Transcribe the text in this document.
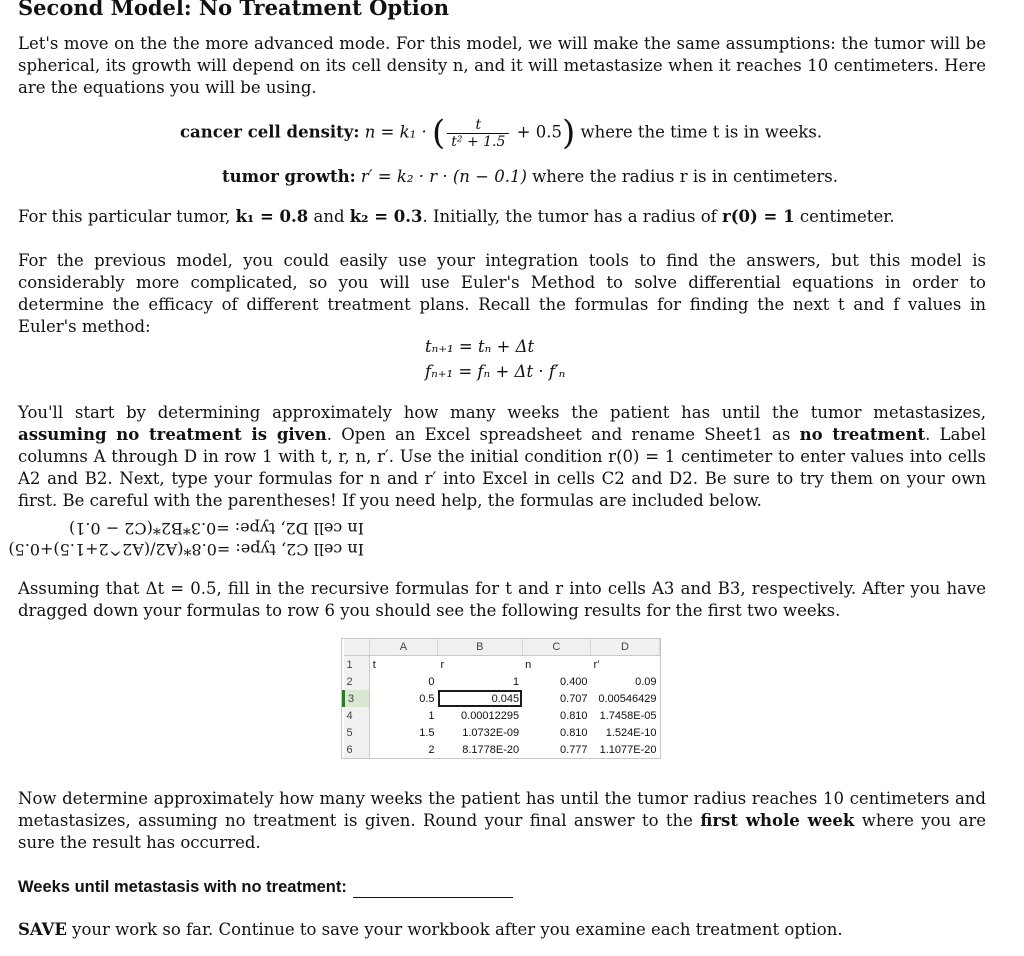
Second Model: No Treatment Option
Let's move on the the more advanced mode. For this model, we will make the same assumptions: the tumor will be spherical, its growth will depend on its cell density n, and it will metastasize when it reaches 10 centimeters. Here are the equations you will be using.
cancer cell density: n = k₁ · ( $\frac{t}{\text{t² + 1.5}} + 0.5$) where the time t is in weeks.
tumor growth: r′ = k₂ · r · (n − 0.1) where the radius r is in centimeters.
For this particular tumor, k₁ = 0.8 and k₂ = 0.3. Initially, the tumor has a radius of r(0) = 1 centimeter.
For the previous model, you could easily use your integration tools to find the answers, but this model is considerably more complicated, so you will use Euler's Method to solve differential equations in order to determine the efficacy of different treatment plans. Recall the formulas for finding the next t and f values in Euler's method:
tₙ₊₁ = tₙ + Δt
fₙ₊₁ = fₙ + Δt · f′ₙ
You'll start by determining approximately how many weeks the patient has until the tumor metastasizes, assuming no treatment is given. Open an Excel spreadsheet and rename Sheet1 as no treatment. Label columns A through D in row 1 with t, r, n, r′. Use the initial condition r(0) = 1 centimeter to enter values into cells A2 and B2. Next, type your formulas for n and r′ into Excel in cells C2 and D2. Be sure to try them on your own first. Be careful with the parentheses! If you need help, the formulas are included below.
In cell C2, type: =0.8*(A2/(A2^2+1.5)+0.5)
In cell D2, type: =0.3*B2*(C2 − 0.1)
Assuming that Δt = 0.5, fill in the recursive formulas for t and r into cells A3 and B3, respectively. After you have dragged down your formulas to row 6 you should see the following results for the first two weeks.
	A	B	C	D
1	t	r	n	r′
2	0	1	0.400	0.09
3	0.5	0.045	0.707	0.00546429
4	1	0.00012295	0.810	1.7458E-05
5	1.5	1.0732E-09	0.810	1.524E-10
6	2	8.1778E-20	0.777	1.1077E-20
Now determine approximately how many weeks the patient has until the tumor radius reaches 10 centimeters and metastasizes, assuming no treatment is given. Round your final answer to the first whole week where you are sure the result has occurred.
Weeks until metastasis with no treatment:
SAVE your work so far. Continue to save your workbook after you examine each treatment option.
